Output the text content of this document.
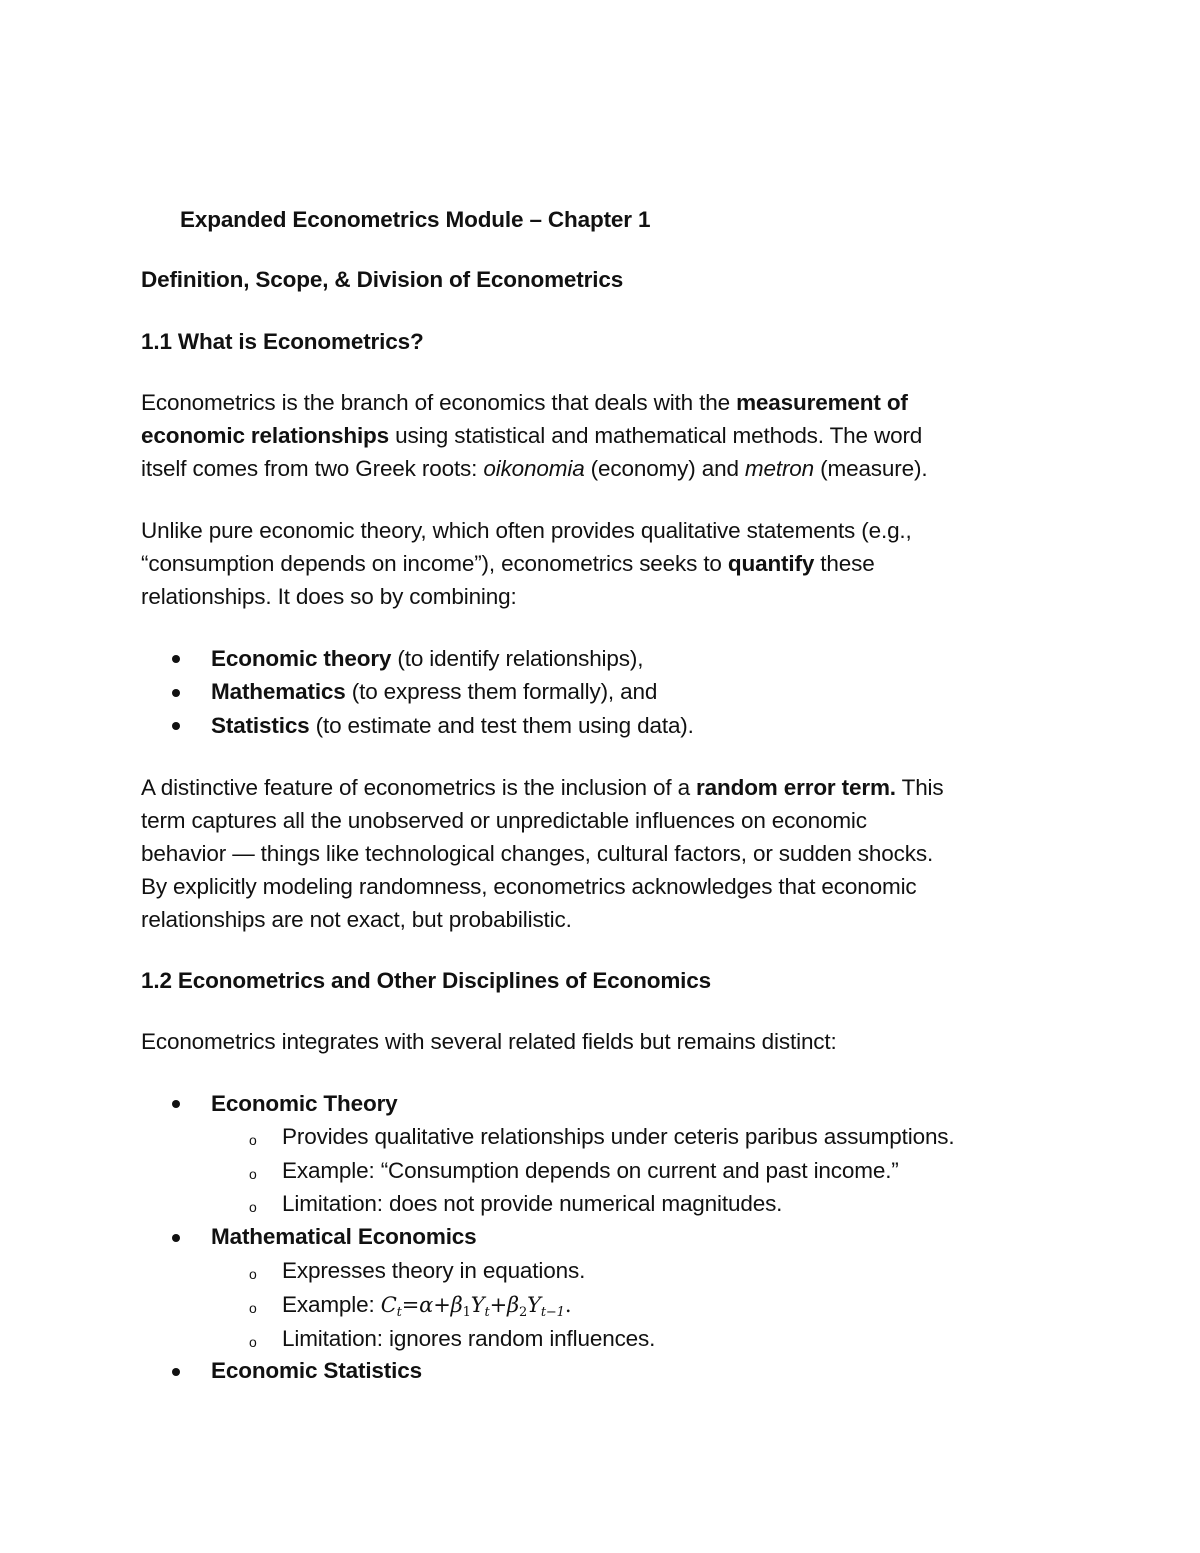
Expanded Econometrics Module – Chapter 1
Definition, Scope, & Division of Econometrics
1.1 What is Econometrics?
Econometrics is the branch of economics that deals with the measurement of
economic relationships using statistical and mathematical methods. The word
itself comes from two Greek roots: oikonomia (economy) and metron (measure).
Unlike pure economic theory, which often provides qualitative statements (e.g.,
“consumption depends on income”), econometrics seeks to quantify these
relationships. It does so by combining:
Economic theory (to identify relationships),
Mathematics (to express them formally), and
Statistics (to estimate and test them using data).
A distinctive feature of econometrics is the inclusion of a random error term. This
term captures all the unobserved or unpredictable influences on economic
behavior — things like technological changes, cultural factors, or sudden shocks.
By explicitly modeling randomness, econometrics acknowledges that economic
relationships are not exact, but probabilistic.
1.2 Econometrics and Other Disciplines of Economics
Econometrics integrates with several related fields but remains distinct:
Economic Theory
o Provides qualitative relationships under ceteris paribus assumptions.
o Example: “Consumption depends on current and past income.”
o Limitation: does not provide numerical magnitudes.
Mathematical Economics
o Expresses theory in equations.
o Example: $C_t=\alpha+\beta_1Y_t+\beta_2Y_{t-1}$.
o Limitation: ignores random influences.
Economic Statistics
